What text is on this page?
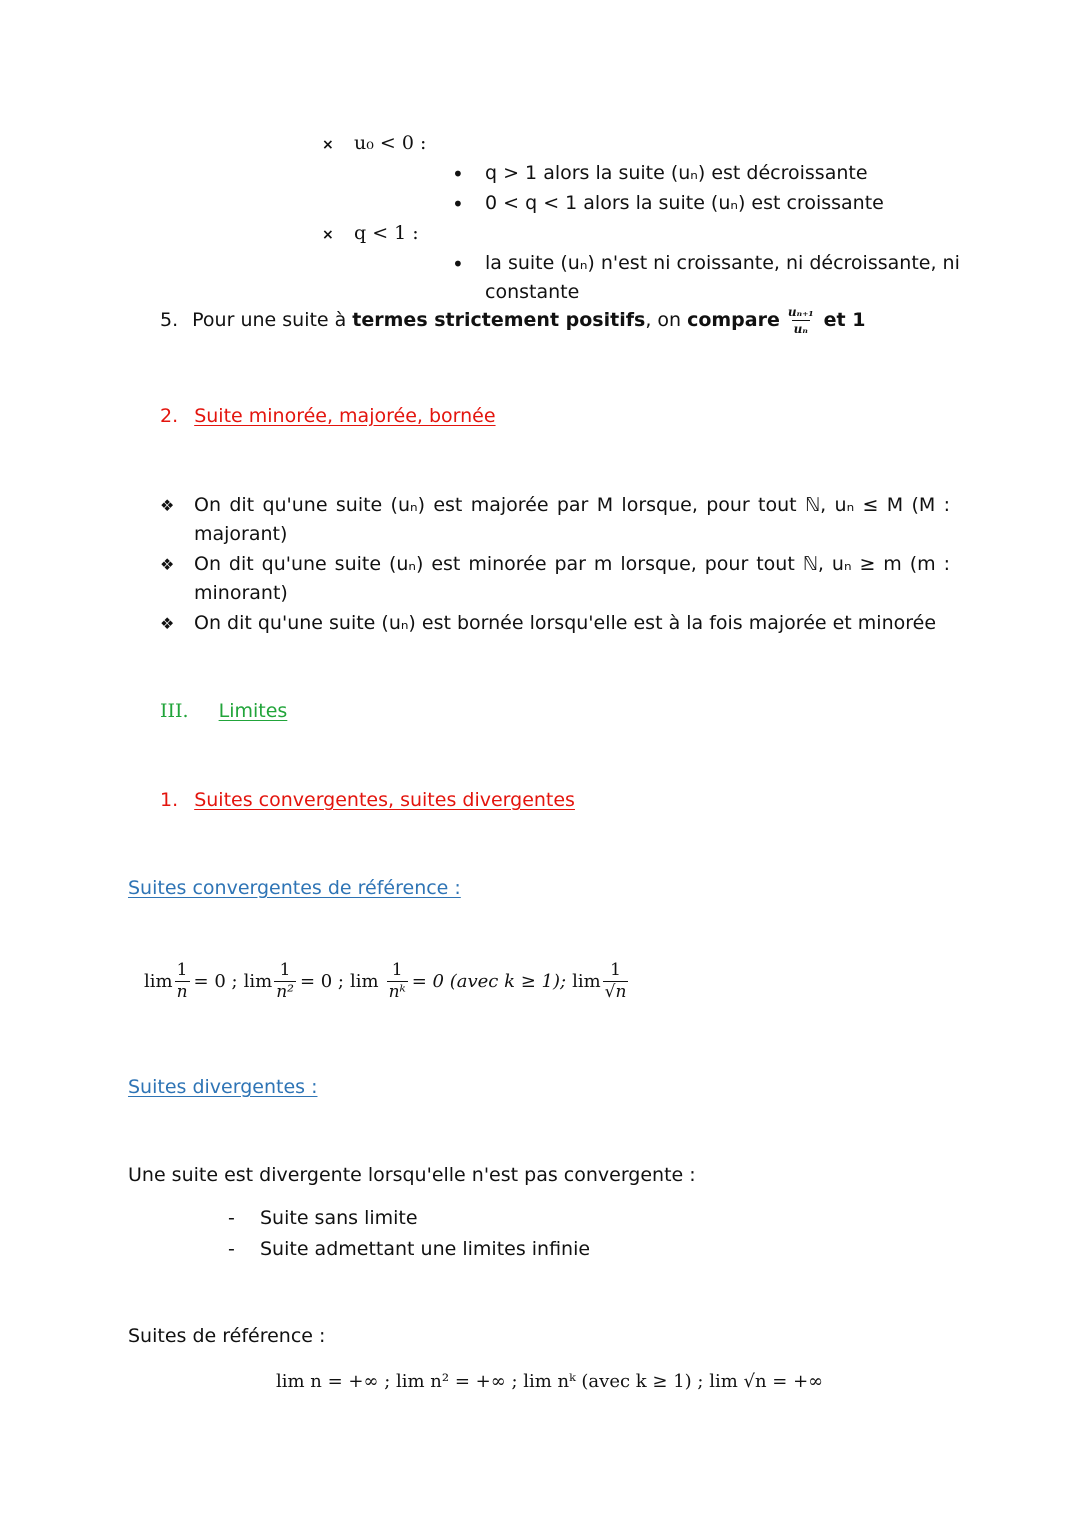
× u₀ < 0 :
• q > 1 alors la suite (uₙ) est décroissante
• 0 < q < 1 alors la suite (uₙ) est croissante
× q < 1 :
• la suite (uₙ) n'est ni croissante, ni décroissante, ni
constante
5. Pour une suite à termes strictement positifs , on compare $\frac{\text{uₙ₊₁}}{\text{uₙ}}$ et 1
2. Suite minorée, majorée, bornée
❖ On dit qu'une suite (uₙ) est majorée par M lorsque, pour tout ℕ, uₙ ≤ M (M :
majorant)
❖ On dit qu'une suite (uₙ) est minorée par m lorsque, pour tout ℕ, uₙ ≥ m (m :
minorant)
❖ On dit qu'une suite (uₙ) est bornée lorsqu'elle est à la fois majorée et minorée
III. Limites
1. Suites convergentes, suites divergentes
Suites convergentes de référence :
$\lim \frac{1}{n} = 0$ ; $\lim \frac{1}{\text{n²}} = 0$ ; $\lim \frac{1}{\text{nᵏ}} = 0$ (avec k ≥ 1); $\lim \frac{1}{√n}$
Suites divergentes :
Une suite est divergente lorsqu'elle n'est pas convergente :
- Suite sans limite
- Suite admettant une limites infinie
Suites de référence :
lim n = +∞ ; lim n² = +∞ ; lim nᵏ (avec k ≥ 1) ; lim √n = +∞
